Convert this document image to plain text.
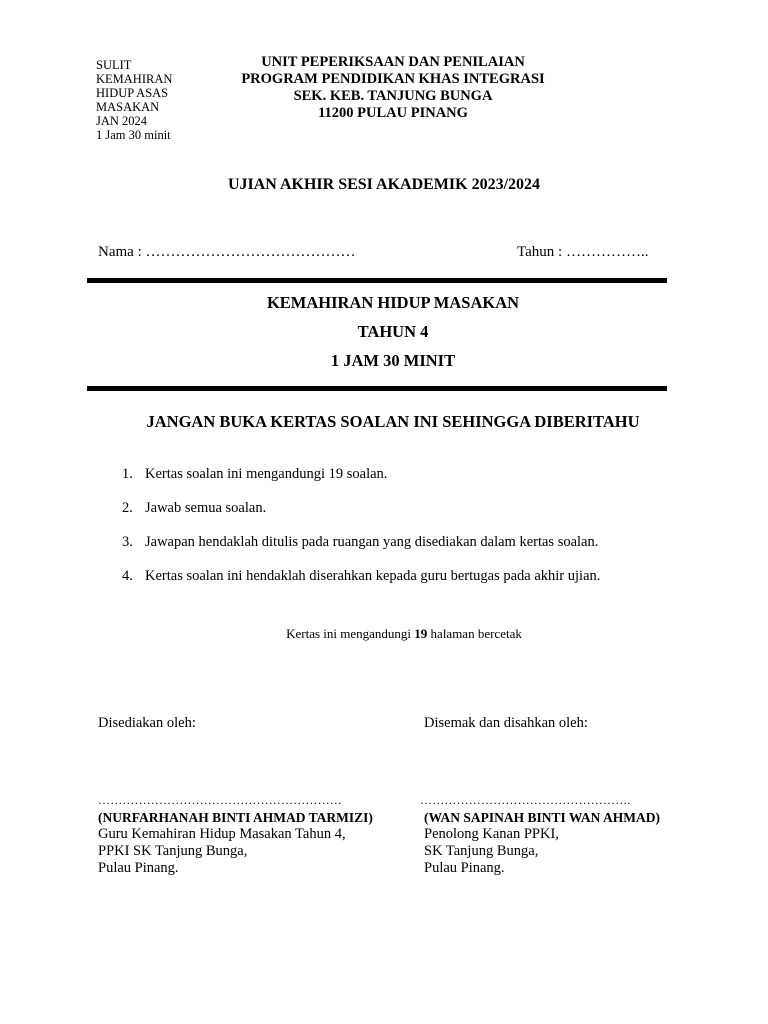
SULIT
KEMAHIRAN
HIDUP ASAS
MASAKAN
JAN 2024
1 Jam 30 minit
UNIT PEPERIKSAAN DAN PENILAIAN
PROGRAM PENDIDIKAN KHAS INTEGRASI
SEK. KEB. TANJUNG BUNGA
11200 PULAU PINANG
UJIAN AKHIR SESI AKADEMIK 2023/2024
Nama : ……………………………………	Tahun : ……………..
KEMAHIRAN HIDUP MASAKAN
TAHUN 4
1 JAM 30 MINIT
JANGAN BUKA KERTAS SOALAN INI SEHINGGA DIBERITAHU
1. Kertas soalan ini mengandungi 19 soalan.
2. Jawab semua soalan.
3. Jawapan hendaklah ditulis pada ruangan yang disediakan dalam kertas soalan.
4. Kertas soalan ini hendaklah diserahkan kepada guru bertugas pada akhir ujian.
Kertas ini mengandungi 19 halaman bercetak
Disediakan oleh:	Disemak dan disahkan oleh:
……………………………………………………
(NURFARHANAH BINTI AHMAD TARMIZI)
Guru Kemahiran Hidup Masakan Tahun 4,
PPKI SK Tanjung Bunga,
Pulau Pinang.
…………………………………………….
(WAN SAPINAH BINTI WAN AHMAD)
Penolong Kanan PPKI,
SK Tanjung Bunga,
Pulau Pinang.
